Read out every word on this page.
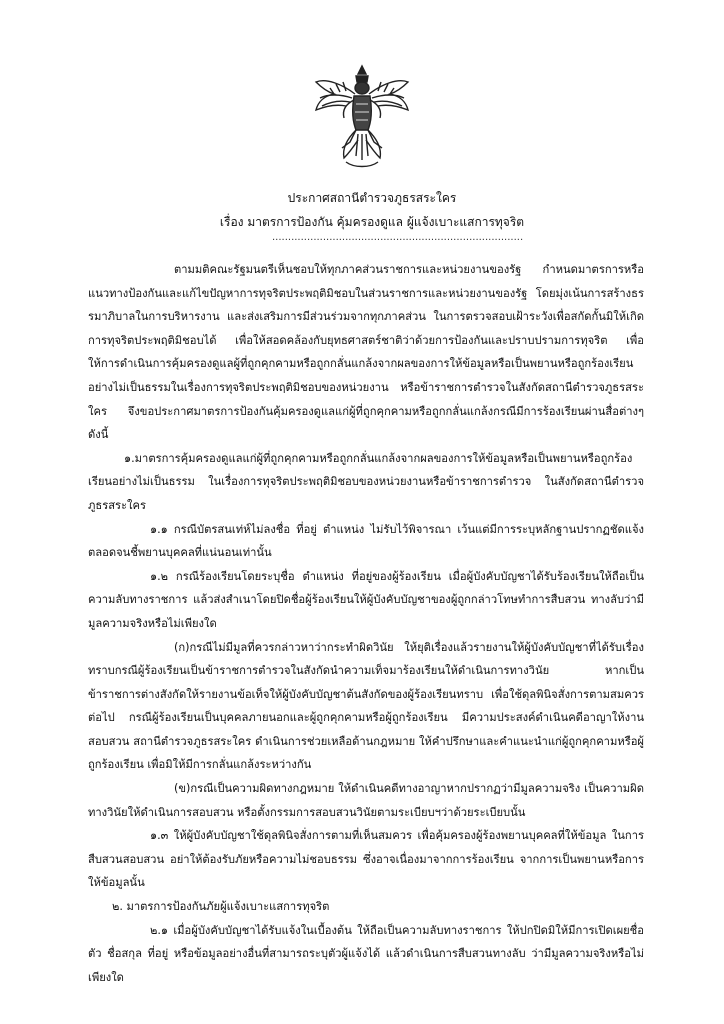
ประกาศสถานีตำรวจภูธรสระใคร
เรื่อง มาตรการป้องกัน คุ้มครองดูแล ผู้แจ้งเบาะแสการทุจริต
...............................................................................

ตามมติคณะรัฐมนตรีเห็นชอบให้ทุกภาคส่วนราชการและหน่วยงานของรัฐ กำหนดมาตรการหรือแนวทางป้องกันและแก้ไขปัญหาการทุจริตประพฤติมิชอบในส่วนราชการและหน่วยงานของรัฐ โดยมุ่งเน้นการสร้างธรรมาภิบาลในการบริหารงาน และส่งเสริมการมีส่วนร่วมจากทุกภาคส่วน ในการตรวจสอบเฝ้าระวังเพื่อสกัดกั้นมิให้เกิดการทุจริตประพฤติมิชอบได้ เพื่อให้สอดคล้องกับยุทธศาสตร์ชาติว่าด้วยการป้องกันและปราบปรามการทุจริต เพื่อให้การดำเนินการคุ้มครองดูแลผู้ที่ถูกคุกคามหรือถูกกลั่นแกล้งจากผลของการให้ข้อมูลหรือเป็นพยานหรือถูกร้องเรียนอย่างไม่เป็นธรรมในเรื่องการทุจริตประพฤติมิชอบของหน่วยงาน หรือข้าราชการตำรวจในสังกัดสถานีตำรวจภูธรสระใคร จึงขอประกาศมาตรการป้องกันคุ้มครองดูแลแก่ผู้ที่ถูกคุกคามหรือถูกกลั่นแกล้งกรณีมีการร้องเรียนผ่านสื่อต่างๆ ดังนี้

๑.มาตรการคุ้มครองดูแลแก่ผู้ที่ถูกคุกคามหรือถูกกลั่นแกล้งจากผลของการให้ข้อมูลหรือเป็นพยานหรือถูกร้องเรียนอย่างไม่เป็นธรรม ในเรื่องการทุจริตประพฤติมิชอบของหน่วยงานหรือข้าราชการตำรวจ ในสังกัดสถานีตำรวจภูธรสระใคร

๑.๑ กรณีบัตรสนเท่ห์ไม่ลงชื่อ ที่อยู่ ตำแหน่ง ไม่รับไว้พิจารณา เว้นแต่มีการระบุหลักฐานปรากฏชัดแจ้งตลอดจนชี้พยานบุคคลที่แน่นอนเท่านั้น

๑.๒ กรณีร้องเรียนโดยระบุชื่อ ตำแหน่ง ที่อยู่ของผู้ร้องเรียน เมื่อผู้บังคับบัญชาได้รับร้องเรียนให้ถือเป็นความลับทางราชการ แล้วส่งสำเนาโดยปิดชื่อผู้ร้องเรียนให้ผู้บังคับบัญชาของผู้ถูกกล่าวโทษทำการสืบสวน ทางลับว่ามีมูลความจริงหรือไม่เพียงใด

(ก)กรณีไม่มีมูลที่ควรกล่าวหาว่ากระทำผิดวินัย ให้ยุติเรื่องแล้วรายงานให้ผู้บังคับบัญชาที่ได้รับเรื่องทราบกรณีผู้ร้องเรียนเป็นข้าราชการตำรวจในสังกัดนำความเท็จมาร้องเรียนให้ดำเนินการทางวินัย หากเป็นข้าราชการต่างสังกัดให้รายงานข้อเท็จให้ผู้บังคับบัญชาต้นสังกัดของผู้ร้องเรียนทราบ เพื่อใช้ดุลพินิจสั่งการตามสมควรต่อไป กรณีผู้ร้องเรียนเป็นบุคคลภายนอกและผู้ถูกคุกคามหรือผู้ถูกร้องเรียน มีความประสงค์ดำเนินคดีอาญาให้งานสอบสวน สถานีตำรวจภูธรสระใคร ดำเนินการช่วยเหลือด้านกฎหมาย ให้คำปรึกษาและคำแนะนำแก่ผู้ถูกคุกคามหรือผู้ถูกร้องเรียน เพื่อมิให้มีการกลั่นแกล้งระหว่างกัน

(ข)กรณีเป็นความผิดทางกฎหมาย ให้ดำเนินคดีทางอาญาหากปรากฏว่ามีมูลความจริง เป็นความผิดทางวินัยให้ดำเนินการสอบสวน หรือตั้งกรรมการสอบสวนวินัยตามระเบียบฯว่าด้วยระเบียบนั้น

๑.๓ ให้ผู้บังคับบัญชาใช้ดุลพินิจสั่งการตามที่เห็นสมควร เพื่อคุ้มครองผู้ร้องพยานบุคคลที่ให้ข้อมูล ในการสืบสวนสอบสวน อย่าให้ต้องรับภัยหรือความไม่ชอบธรรม ซึ่งอาจเนื่องมาจากการร้องเรียน จากการเป็นพยานหรือการให้ข้อมูลนั้น

๒. มาตรการป้องกันภัยผู้แจ้งเบาะแสการทุจริต

๒.๑ เมื่อผู้บังคับบัญชาได้รับแจ้งในเบื้องต้น ให้ถือเป็นความลับทางราชการ ให้ปกปิดมิให้มีการเปิดเผยชื่อตัว ชื่อสกุล ที่อยู่ หรือข้อมูลอย่างอื่นที่สามารถระบุตัวผู้แจ้งได้ แล้วดำเนินการสืบสวนทางลับ ว่ามีมูลความจริงหรือไม่เพียงใด
